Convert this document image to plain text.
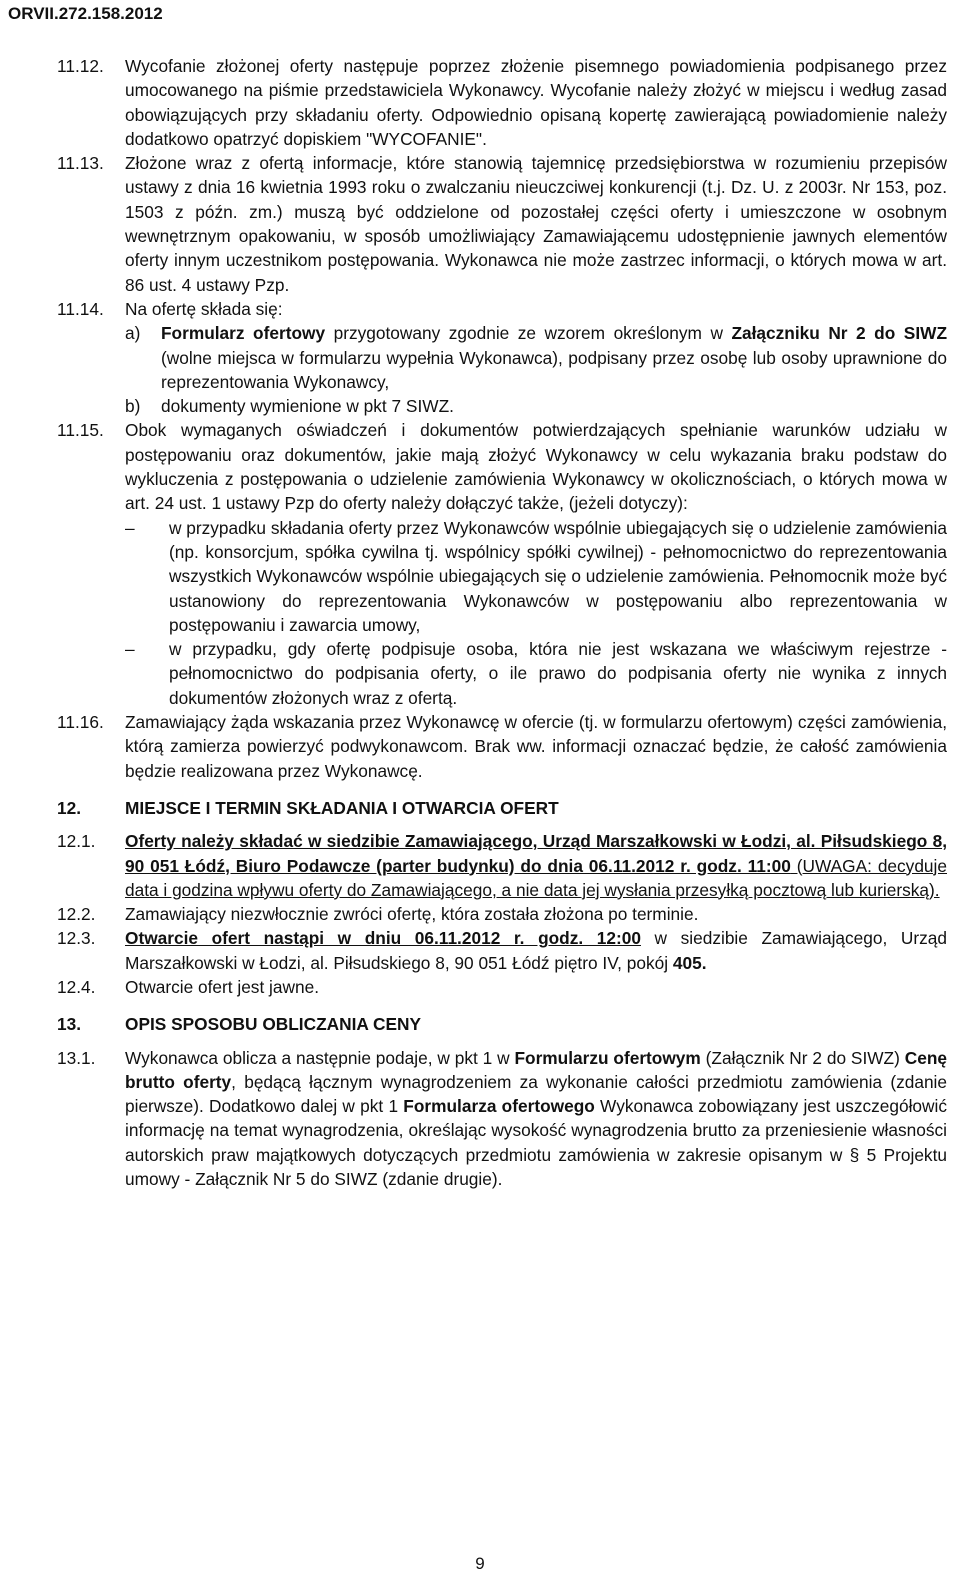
ORVII.272.158.2012
11.12.	Wycofanie złożonej oferty następuje poprzez złożenie pisemnego powiadomienia podpisanego przez umocowanego na piśmie przedstawiciela Wykonawcy. Wycofanie należy złożyć w miejscu i według zasad obowiązujących przy składaniu oferty. Odpowiednio opisaną kopertę zawierającą powiadomienie należy dodatkowo opatrzyć dopiskiem "WYCOFANIE".

11.13.	Złożone wraz z ofertą informacje, które stanowią tajemnicę przedsiębiorstwa w rozumieniu przepisów ustawy z dnia 16 kwietnia 1993 roku o zwalczaniu nieuczciwej konkurencji (t.j. Dz. U. z 2003r. Nr 153, poz. 1503 z późn. zm.) muszą być oddzielone od pozostałej części oferty i umieszczone w osobnym wewnętrznym opakowaniu, w sposób umożliwiający Zamawiającemu udostępnienie jawnych elementów oferty innym uczestnikom postępowania. Wykonawca nie może zastrzec informacji, o których mowa w art. 86 ust. 4 ustawy Pzp.

11.14.	Na ofertę składa się:

a)	Formularz ofertowy przygotowany zgodnie ze wzorem określonym w Załączniku Nr 2 do SIWZ (wolne miejsca w formularzu wypełnia Wykonawca), podpisany przez osobę lub osoby uprawnione do reprezentowania Wykonawcy,

b)	dokumenty wymienione w pkt 7 SIWZ.

11.15.	Obok wymaganych oświadczeń i dokumentów potwierdzających spełnianie warunków udziału w postępowaniu oraz dokumentów, jakie mają złożyć Wykonawcy w celu wykazania braku podstaw do wykluczenia z postępowania o udzielenie zamówienia Wykonawcy w okolicznościach, o których mowa w art. 24 ust. 1 ustawy Pzp do oferty należy dołączyć także, (jeżeli dotyczy):

–	w przypadku składania oferty przez Wykonawców wspólnie ubiegających się o udzielenie zamówienia (np. konsorcjum, spółka cywilna tj. wspólnicy spółki cywilnej) - pełnomocnictwo do reprezentowania wszystkich Wykonawców wspólnie ubiegających się o udzielenie zamówienia. Pełnomocnik może być ustanowiony do reprezentowania Wykonawców w postępowaniu albo reprezentowania w postępowaniu i zawarcia umowy,

–	w przypadku, gdy ofertę podpisuje osoba, która nie jest wskazana we właściwym rejestrze - pełnomocnictwo do podpisania oferty, o ile prawo do podpisania oferty nie wynika z innych dokumentów złożonych wraz z ofertą.

11.16.	Zamawiający żąda wskazania przez Wykonawcę w ofercie (tj. w formularzu ofertowym) części zamówienia, którą zamierza powierzyć podwykonawcom. Brak ww. informacji oznaczać będzie, że całość zamówienia będzie realizowana przez Wykonawcę.

12.	MIEJSCE I TERMIN SKŁADANIA I OTWARCIA OFERT
12.1.	Oferty należy składać w siedzibie Zamawiającego, Urząd Marszałkowski w Łodzi, al. Piłsudskiego 8, 90 051 Łódź, Biuro Podawcze (parter budynku) do dnia 06.11.2012 r. godz. 11:00 (UWAGA: decyduje data i godzina wpływu oferty do Zamawiającego, a nie data jej wysłania przesyłką pocztową lub kurierską).

12.2.	Zamawiający niezwłocznie zwróci ofertę, która została złożona po terminie.

12.3.	Otwarcie ofert nastąpi w dniu 06.11.2012 r. godz. 12:00 w siedzibie Zamawiającego, Urząd Marszałkowski w Łodzi, al. Piłsudskiego 8, 90 051 Łódź piętro IV, pokój 405.

12.4.	Otwarcie ofert jest jawne.

13.	OPIS SPOSOBU OBLICZANIA CENY
13.1.	Wykonawca oblicza a następnie podaje, w pkt 1 w Formularzu ofertowym (Załącznik Nr 2 do SIWZ) Cenę brutto oferty, będącą łącznym wynagrodzeniem za wykonanie całości przedmiotu zamówienia (zdanie pierwsze). Dodatkowo dalej w pkt 1 Formularza ofertowego Wykonawca zobowiązany jest uszczegółowić informację na temat wynagrodzenia, określając wysokość wynagrodzenia brutto za przeniesienie własności autorskich praw majątkowych dotyczących przedmiotu zamówienia w zakresie opisanym w § 5 Projektu umowy - Załącznik Nr 5 do SIWZ (zdanie drugie).

9
